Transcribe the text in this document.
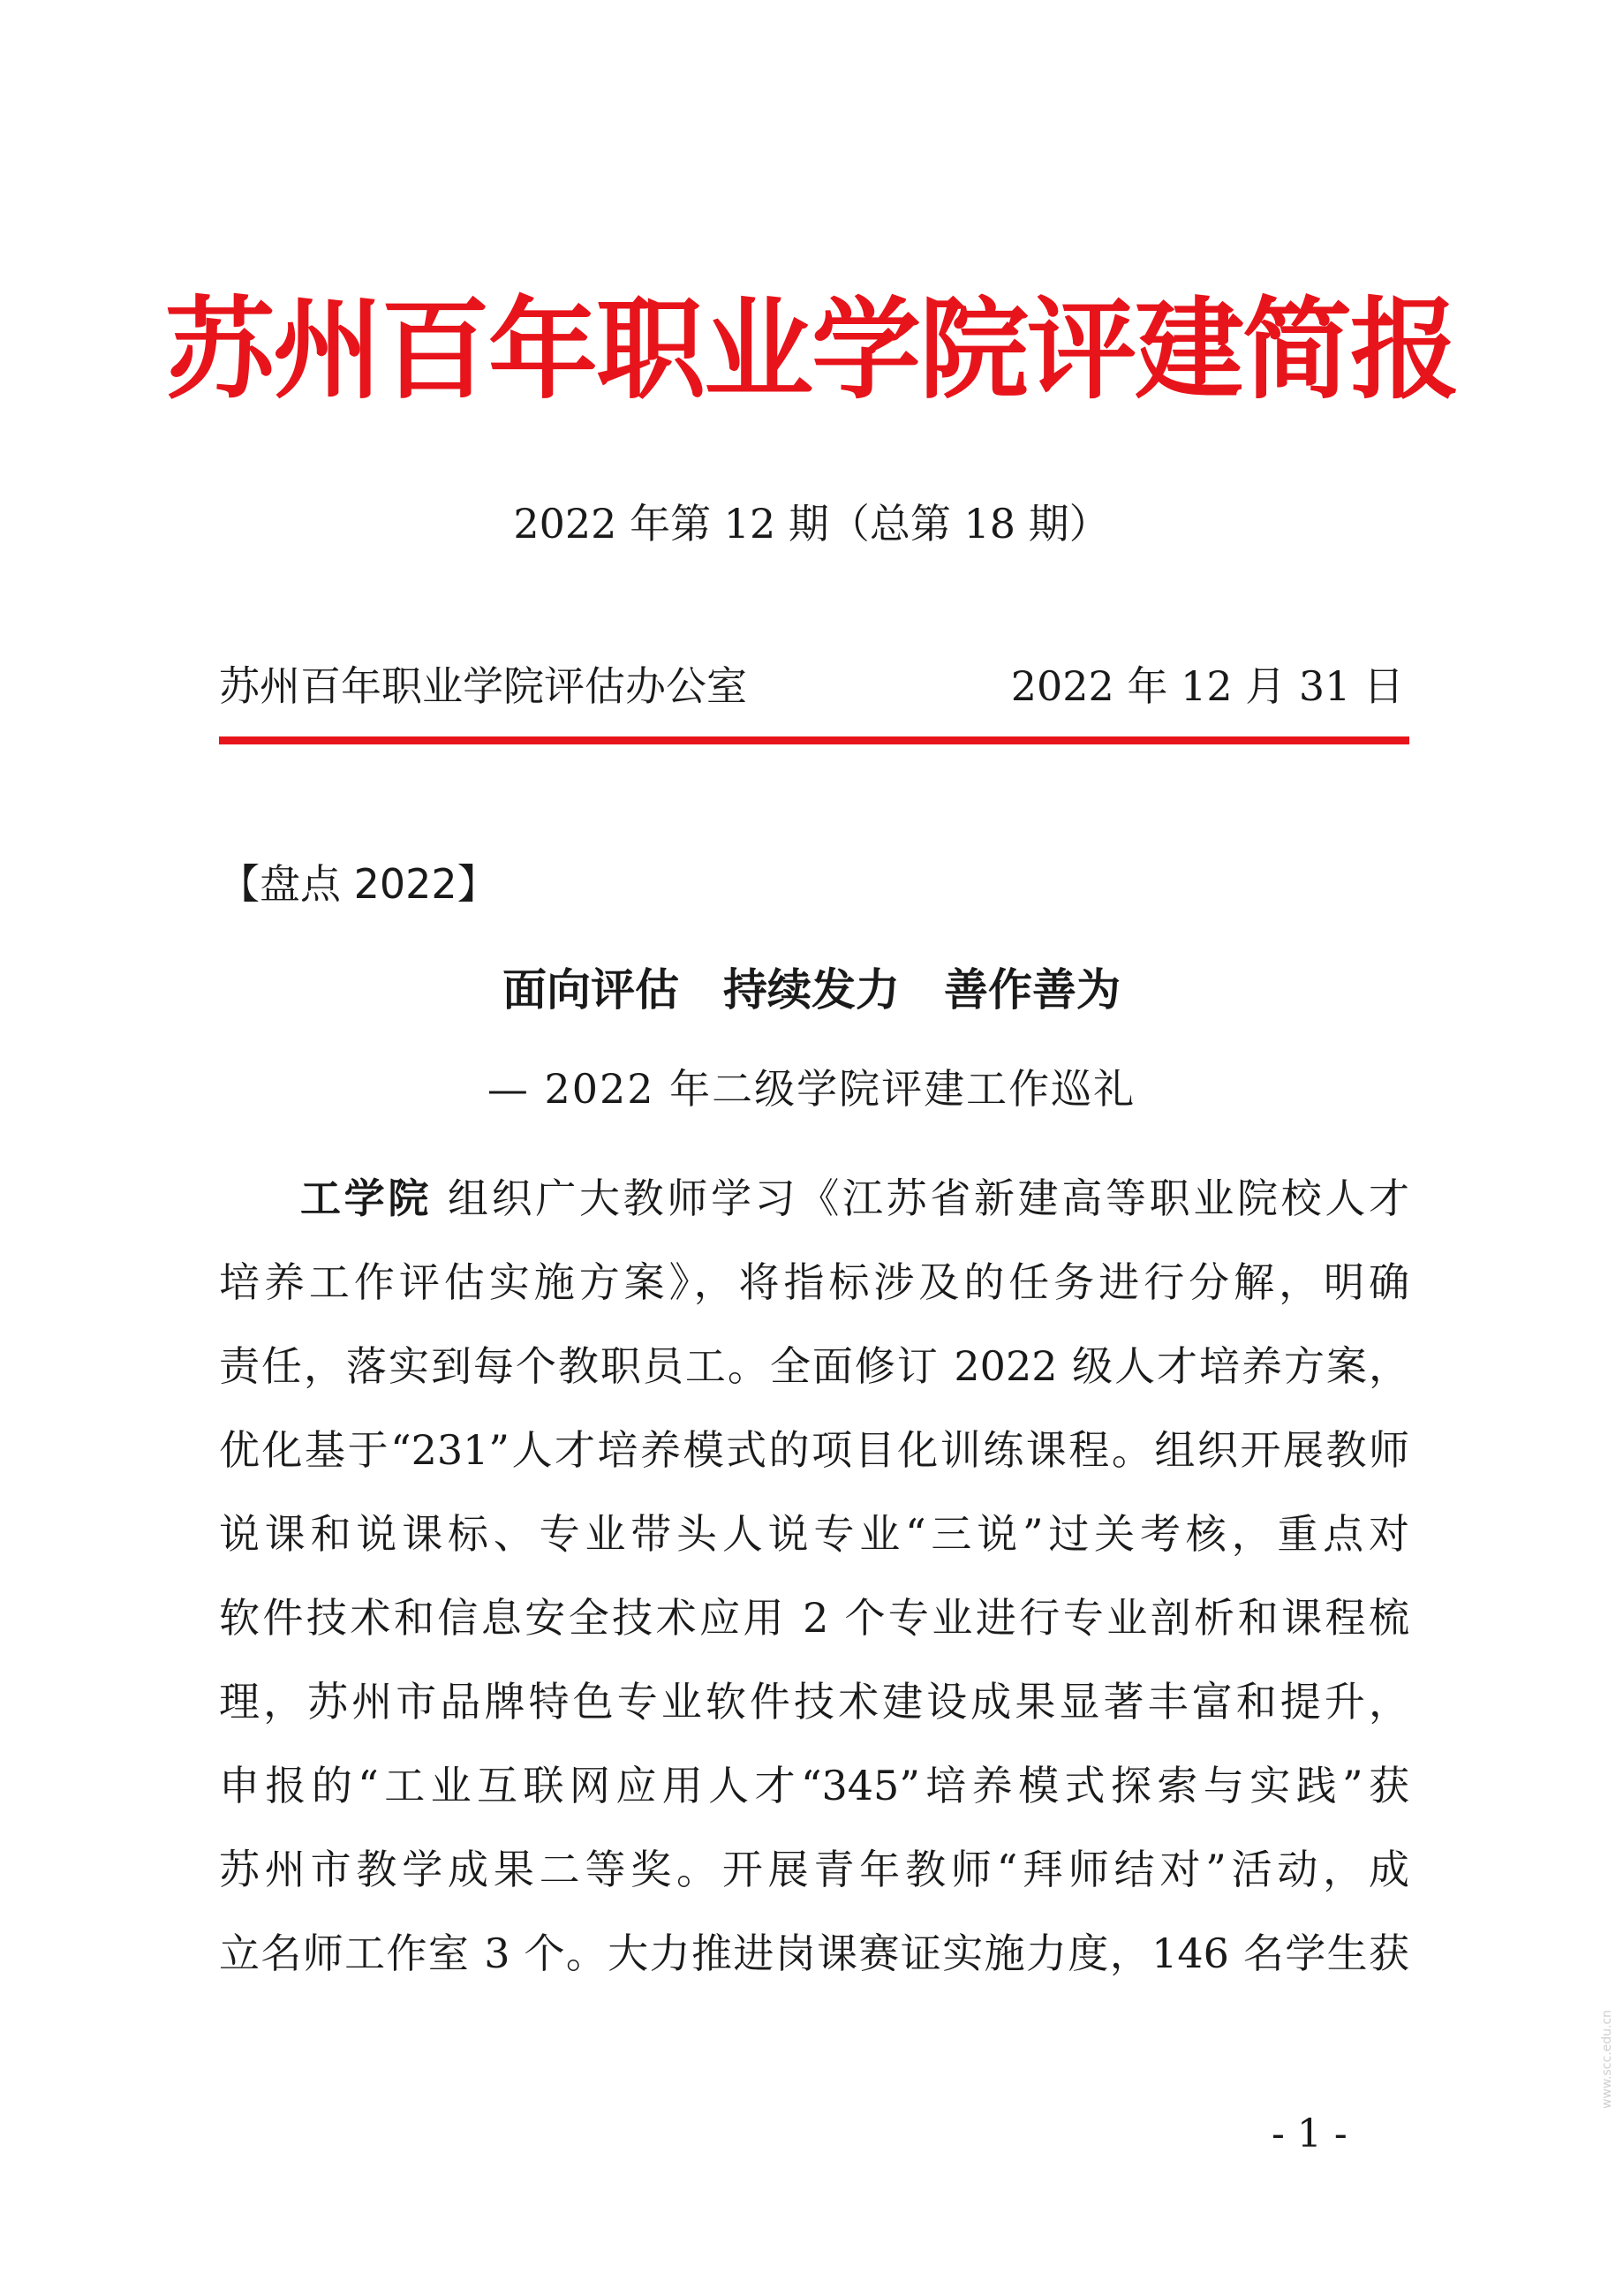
苏州百年职业学院评建简报
2022 年第 12 期（总第 18 期）
苏州百年职业学院评估办公室	2022 年 12 月 31 日
【盘点 2022】
面向评估　持续发力　善作善为
— 2022 年二级学院评建工作巡礼
工学院 组织广大教师学习《江苏省新建高等职业院校人才
培养工作评估实施方案》，将指标涉及的任务进行分解，明确
责任，落实到每个教职员工。全面修订 2022 级人才培养方案，
优化基于“231”人才培养模式的项目化训练课程。组织开展教师
说课和说课标、专业带头人说专业“三说”过关考核，重点对
软件技术和信息安全技术应用 2 个专业进行专业剖析和课程梳
理，苏州市品牌特色专业软件技术建设成果显著丰富和提升，
申报的“工业互联网应用人才“345”培养模式探索与实践”获
苏州市教学成果二等奖。开展青年教师“拜师结对”活动，成
立名师工作室 3 个。大力推进岗课赛证实施力度，146 名学生获
- 1 -
www.scc.edu.cn
